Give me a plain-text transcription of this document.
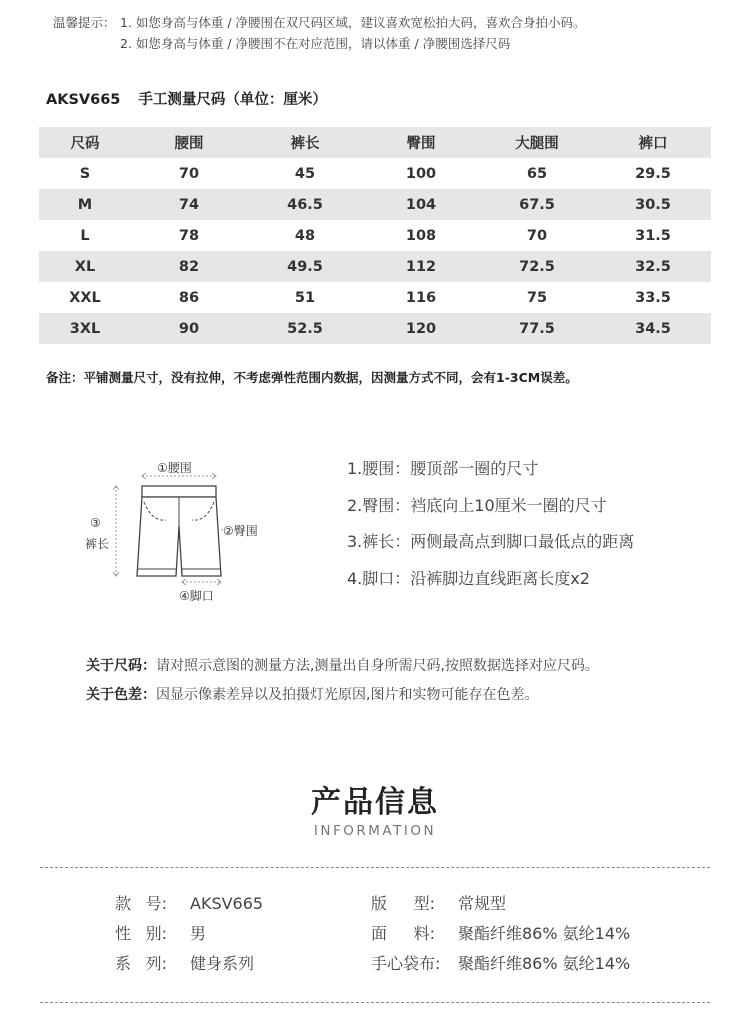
温馨提示： 1. 如您身高与体重 / 净腰围在双尺码区域，建议喜欢宽松拍大码，喜欢合身拍小码。
2. 如您身高与体重 / 净腰围不在对应范围，请以体重 / 净腰围选择尺码
AKSV665 手工测量尺码（单位：厘米）
尺码	腰围	裤长	臀围	大腿围	裤口
S	70	45	100	65	29.5
M	74	46.5	104	67.5	30.5
L	78	48	108	70	31.5
XL	82	49.5	112	72.5	32.5
XXL	86	51	116	75	33.5
3XL	90	52.5	120	77.5	34.5
备注：平铺测量尺寸，没有拉伸，不考虑弹性范围内数据，因测量方式不同，会有1-3CM误差。
①腰围
②臀围
③
裤长
④脚口
1.腰围：腰顶部一圈的尺寸
2.臀围：裆底向上10厘米一圈的尺寸
3.裤长：两侧最高点到脚口最低点的距离
4.脚口：沿裤脚边直线距离长度x2
关于尺码：请对照示意图的测量方法,测量出自身所需尺码,按照数据选择对应尺码。
关于色差：因显示像素差异以及拍摄灯光原因,图片和实物可能存在色差。
产品信息
INFORMATION
款 号: AKSV665
性 别: 男
系 列: 健身系列
版 型: 常规型
面 料: 聚酯纤维86% 氨纶14%
手心袋布: 聚酯纤维86% 氨纶14%
